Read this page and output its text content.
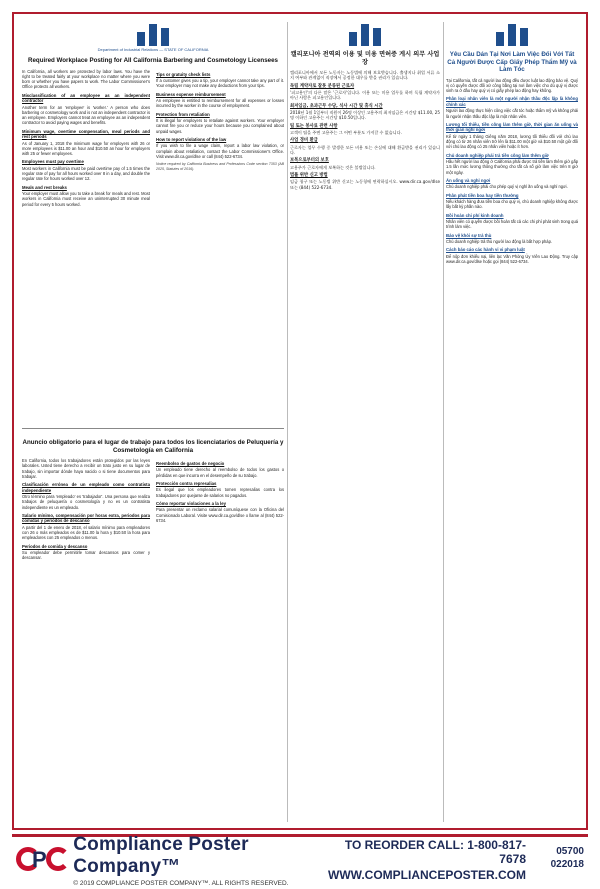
Department of Industrial Relations — STATE OF CALIFORNIA
Required Workplace Posting for All California Barbering and Cosmetology Licensees

In California, all workers are protected by labor laws. You have the right to be treated fairly at your workplace no matter where you were born or whether you have papers to work. The Labor Commissioner's Office protects all workers.

Misclassification of an employee as an independent contractor

Another term for an 'employee' is 'worker.' A person who does barbering or cosmetology work and is not an independent contractor is an employee. Employers cannot treat an employee as an independent contractor to avoid paying wages and benefits.

Minimum wage, overtime compensation, meal periods and rest periods

As of January 1, 2018 the minimum wage for employers with 26 or more employees is $11.00 an hour and $10.50 an hour for employers with 25 or fewer employees.

Employees must pay overtime

Most workers in California must be paid overtime pay of 1.5 times the regular rate of pay for all hours worked over 8 in a day, and double the regular rate for hours worked over 12.

Meals and rest breaks

Your employer must allow you to take a break for meals and rest. Most workers in California must receive an uninterrupted 30 minute meal period for every 5 hours worked.

Tips or gratuity check lists

If a customer gives you a tip, your employer cannot take any part of it. Your employer may not make any deductions from your tips.

Business expense reimbursement

An employee is entitled to reimbursement for all expenses or losses incurred by the worker in the course of employment.

Protection from retaliation

It is illegal for employers to retaliate against workers. Your employer cannot fire you or reduce your hours because you complained about unpaid wages.

How to report violations of the law

If you wish to file a wage claim, report a labor law violation, or complain about retaliation, contact the Labor Commissioner's Office. Visit www.dir.ca.gov/dlse or call (844) 522-6734.

Notice required by California Business and Professions Code section 7353 (AB 2025, Statutes of 2016).
Anuncio obligatorio para el lugar de trabajo para todos los licenciatarios de Peluquería y Cosmetología en California

En California, todos los trabajadores están protegidos por las leyes laborales. Usted tiene derecho a recibir un trato justo en su lugar de trabajo, sin importar dónde haya nacido o si tiene documentos para trabajar.

Clasificación errónea de un empleado como contratista independiente

Otro término para 'empleado' es 'trabajador'. Una persona que realiza trabajos de peluquería o cosmetología y no es un contratista independiente es un empleado.

Salario mínimo, compensación por horas extra, periodos para comidas y periodos de descanso

A partir del 1 de enero de 2018, el salario mínimo para empleadores con 26 o más empleados es de $11.00 la hora y $10.50 la hora para empleadores con 25 empleados o menos.

Periodos de comida y descanso

Su empleador debe permitirle tomar descansos para comer y descansar.

Reembolso de gastos de negocio

Un empleado tiene derecho al reembolso de todos los gastos o pérdidas en que incurra en el desempeño de su trabajo.

Protección contra represalias

Es ilegal que los empleadores tomen represalias contra los trabajadores por quejarse de salarios no pagados.

Cómo reportar violaciones a la ley

Para presentar un reclamo salarial comuníquese con la Oficina del Comisionado Laboral. Visite www.dir.ca.gov/dlse o llame al (844) 522-6734.

캘리포니아 전역의 이용 및 미용 면허증 게시 의무 사업장

캘리포니아에서 모든 노동자는 노동법에 의해 보호받습니다. 출생지나 취업 서류 소지 여부와 관계없이 직장에서 공정한 대우를 받을 권리가 있습니다.

독립 계약자로 잘못 분류된 근로자

'피고용인'의 다른 말은 '근로자'입니다. 이용 또는 미용 업무를 하며 독립 계약자가 아닌 사람은 피고용인입니다.

최저임금, 초과근무 수당, 식사 시간 및 휴식 시간

2018년 1월 1일부터 직원이 26명 이상인 고용주의 최저임금은 시간당 $11.00, 25명 이하인 고용주는 시간당 $10.50입니다.

팁 또는 봉사료 관련 사항

고객이 팁을 주면 고용주는 그 어떤 부분도 가져갈 수 없습니다.

사업 경비 환급

근로자는 업무 수행 중 발생한 모든 비용 또는 손실에 대해 환급받을 권리가 있습니다.

보복으로부터의 보호

고용주가 근로자에게 보복하는 것은 불법입니다.

법률 위반 신고 방법

임금 청구 또는 노동법 위반 신고는 노동청에 연락하십시오. www.dir.ca.gov/dlse 또는 (844) 522-6734.

Yêu Cầu Dán Tại Nơi Làm Việc Đối Với Tất Cả Người Được Cấp Giấy Phép Thẩm Mỹ và Làm Tóc

Tại California, tất cả người lao động đều được luật lao động bảo vệ. Quý vị có quyền được đối xử công bằng tại nơi làm việc cho dù quý vị được sinh ra ở đâu hay quý vị có giấy phép lao động hay không.

Phân loại nhân viên là một người nhận thầu độc lập là không chính xác

Người lao động thực hiện công việc cắt tóc hoặc thẩm mỹ và không phải là người nhận thầu độc lập là một nhân viên.

Lương tối thiểu, tiền công làm thêm giờ, thời gian ăn uống và thời gian nghỉ ngơi

Kể từ ngày 1 tháng Giêng năm 2018, lương tối thiểu đối với chủ lao động có từ 26 nhân viên trở lên là $11.00 một giờ và $10.50 một giờ đối với chủ lao động có 25 nhân viên hoặc ít hơn.

Chủ doanh nghiệp phải trả tiền công làm thêm giờ

Hầu hết người lao động ở California phải được trả tiền làm thêm giờ gấp 1.5 lần mức lương thông thường cho tất cả số giờ làm việc trên 8 giờ một ngày.

Ăn uống và nghỉ ngơi

Chủ doanh nghiệp phải cho phép quý vị nghỉ ăn uống và nghỉ ngơi.

Phân phát tiền boa hay tiền thưởng

Nếu khách hàng đưa tiền boa cho quý vị, chủ doanh nghiệp không được lấy bất kỳ phần nào.

Bồi hoàn chi phí kinh doanh

Nhân viên có quyền được bồi hoàn tất cả các chi phí phát sinh trong quá trình làm việc.

Bảo vệ khỏi sự trả thù

Chủ doanh nghiệp trả thù người lao động là bất hợp pháp.

Cách báo cáo các hành vi vi phạm luật

Để nộp đơn khiếu nại, liên lạc Văn Phòng Ủy Viên Lao Động. Truy cập www.dir.ca.gov/dlse hoặc gọi (844) 522-6734.

P
Compliance Poster Company™
© 2019 COMPLIANCE POSTER COMPANY™. ALL RIGHTS RESERVED.
TO REORDER CALL: 1-800-817-7678
WWW.COMPLIANCEPOSTER.COM
05700
022018
